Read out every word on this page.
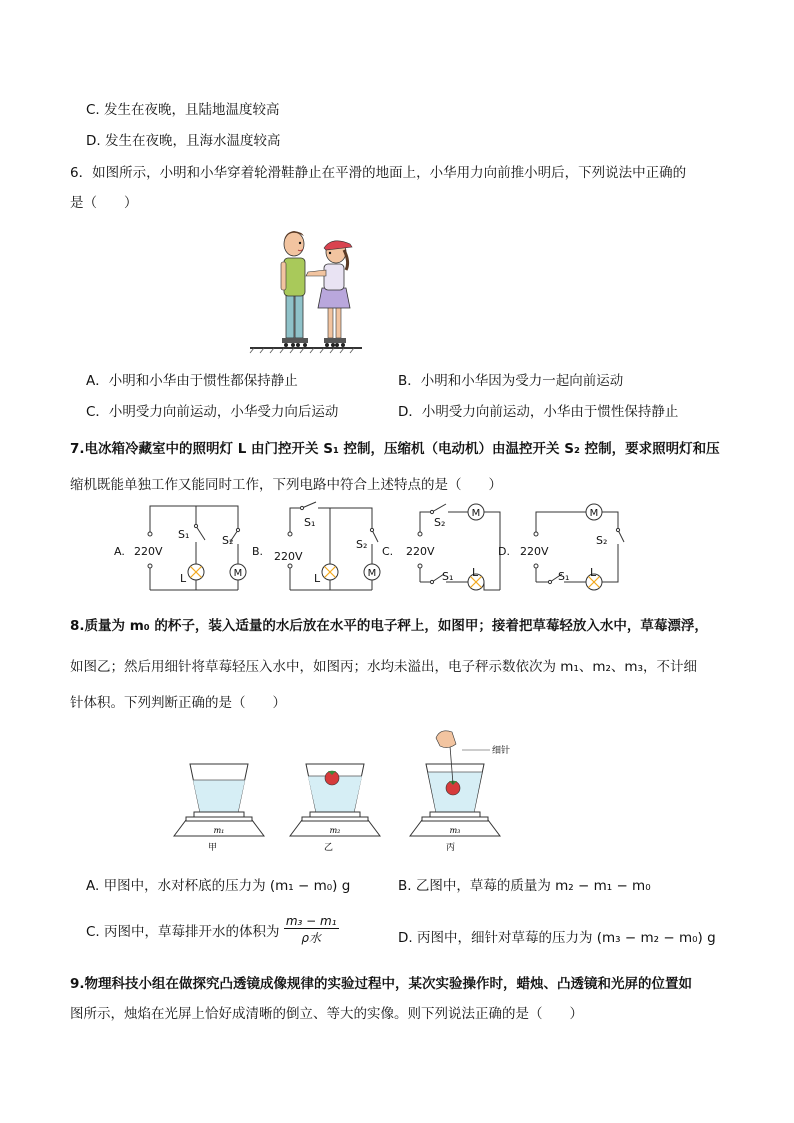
C. 发生在夜晚，且陆地温度较高
D. 发生在夜晚，且海水温度较高
6．如图所示，小明和小华穿着轮滑鞋静止在平滑的地面上，小华用力向前推小明后，下列说法中正确的
是（　　）
A．小明和小华由于惯性都保持静止	B．小明和小华因为受力一起向前运动
C．小明受力向前运动，小华受力向后运动	D．小明受力向前运动，小华由于惯性保持静止
7.电冰箱冷藏室中的照明灯 L 由门控开关 S₁ 控制，压缩机（电动机）由温控开关 S₂ 控制，要求照明灯和压
缩机既能单独工作又能同时工作，下列电路中符合上述特点的是（　　）
M	M
M	M
A. 220V
S₁	S₂
L
B. 220V
S₁
S₂
L
C. 220V
S₂
S₁ L
D. 220V
S₂
S₁ L
8.质量为 m₀ 的杯子，装入适量的水后放在水平的电子秤上，如图甲；接着把草莓轻放入水中，草莓漂浮，
如图乙；然后用细针将草莓轻压入水中，如图丙；水均未溢出，电子秤示数依次为 m₁、m₂、m₃，不计细
针体积。下列判断正确的是（　　）
m₁
甲
m₂
乙
细针
m₃
丙
A. 甲图中，水对杯底的压力为 (m₁ − m₀) g	B. 乙图中，草莓的质量为 m₂ − m₁ − m₀
C. 丙图中，草莓排开水的体积为 $\frac{\text{m₃ − m₁}}{\text{ρ水}}$	D. 丙图中，细针对草莓的压力为 (m₃ − m₂ − m₀) g
9.物理科技小组在做探究凸透镜成像规律的实验过程中，某次实验操作时，蜡烛、凸透镜和光屏的位置如
图所示，烛焰在光屏上恰好成清晰的倒立、等大的实像。则下列说法正确的是（　　）
